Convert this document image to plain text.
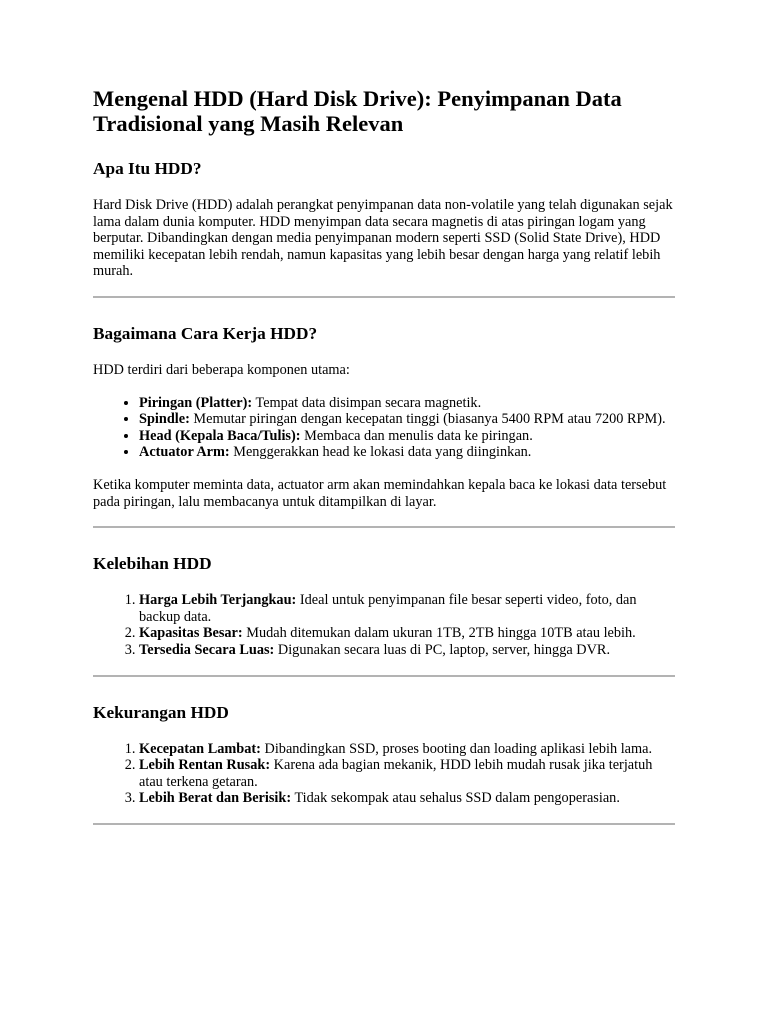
Mengenal HDD (Hard Disk Drive): Penyimpanan Data Tradisional yang Masih Relevan
Apa Itu HDD?

Hard Disk Drive (HDD) adalah perangkat penyimpanan data non-volatile yang telah digunakan sejak lama dalam dunia komputer. HDD menyimpan data secara magnetis di atas piringan logam yang berputar. Dibandingkan dengan media penyimpanan modern seperti SSD (Solid State Drive), HDD memiliki kecepatan lebih rendah, namun kapasitas yang lebih besar dengan harga yang relatif lebih murah.

Bagaimana Cara Kerja HDD?

HDD terdiri dari beberapa komponen utama:

• Piringan (Platter): Tempat data disimpan secara magnetik.
• Spindle: Memutar piringan dengan kecepatan tinggi (biasanya 5400 RPM atau 7200 RPM).
• Head (Kepala Baca/Tulis): Membaca dan menulis data ke piringan.
• Actuator Arm: Menggerakkan head ke lokasi data yang diinginkan.

Ketika komputer meminta data, actuator arm akan memindahkan kepala baca ke lokasi data tersebut pada piringan, lalu membacanya untuk ditampilkan di layar.

Kelebihan HDD
1. Harga Lebih Terjangkau: Ideal untuk penyimpanan file besar seperti video, foto, dan backup data.
2. Kapasitas Besar: Mudah ditemukan dalam ukuran 1TB, 2TB hingga 10TB atau lebih.
3. Tersedia Secara Luas: Digunakan secara luas di PC, laptop, server, hingga DVR.
Kekurangan HDD
1. Kecepatan Lambat: Dibandingkan SSD, proses booting dan loading aplikasi lebih lama.
2. Lebih Rentan Rusak: Karena ada bagian mekanik, HDD lebih mudah rusak jika terjatuh atau terkena getaran.
3. Lebih Berat dan Berisik: Tidak sekompak atau sehalus SSD dalam pengoperasian.
